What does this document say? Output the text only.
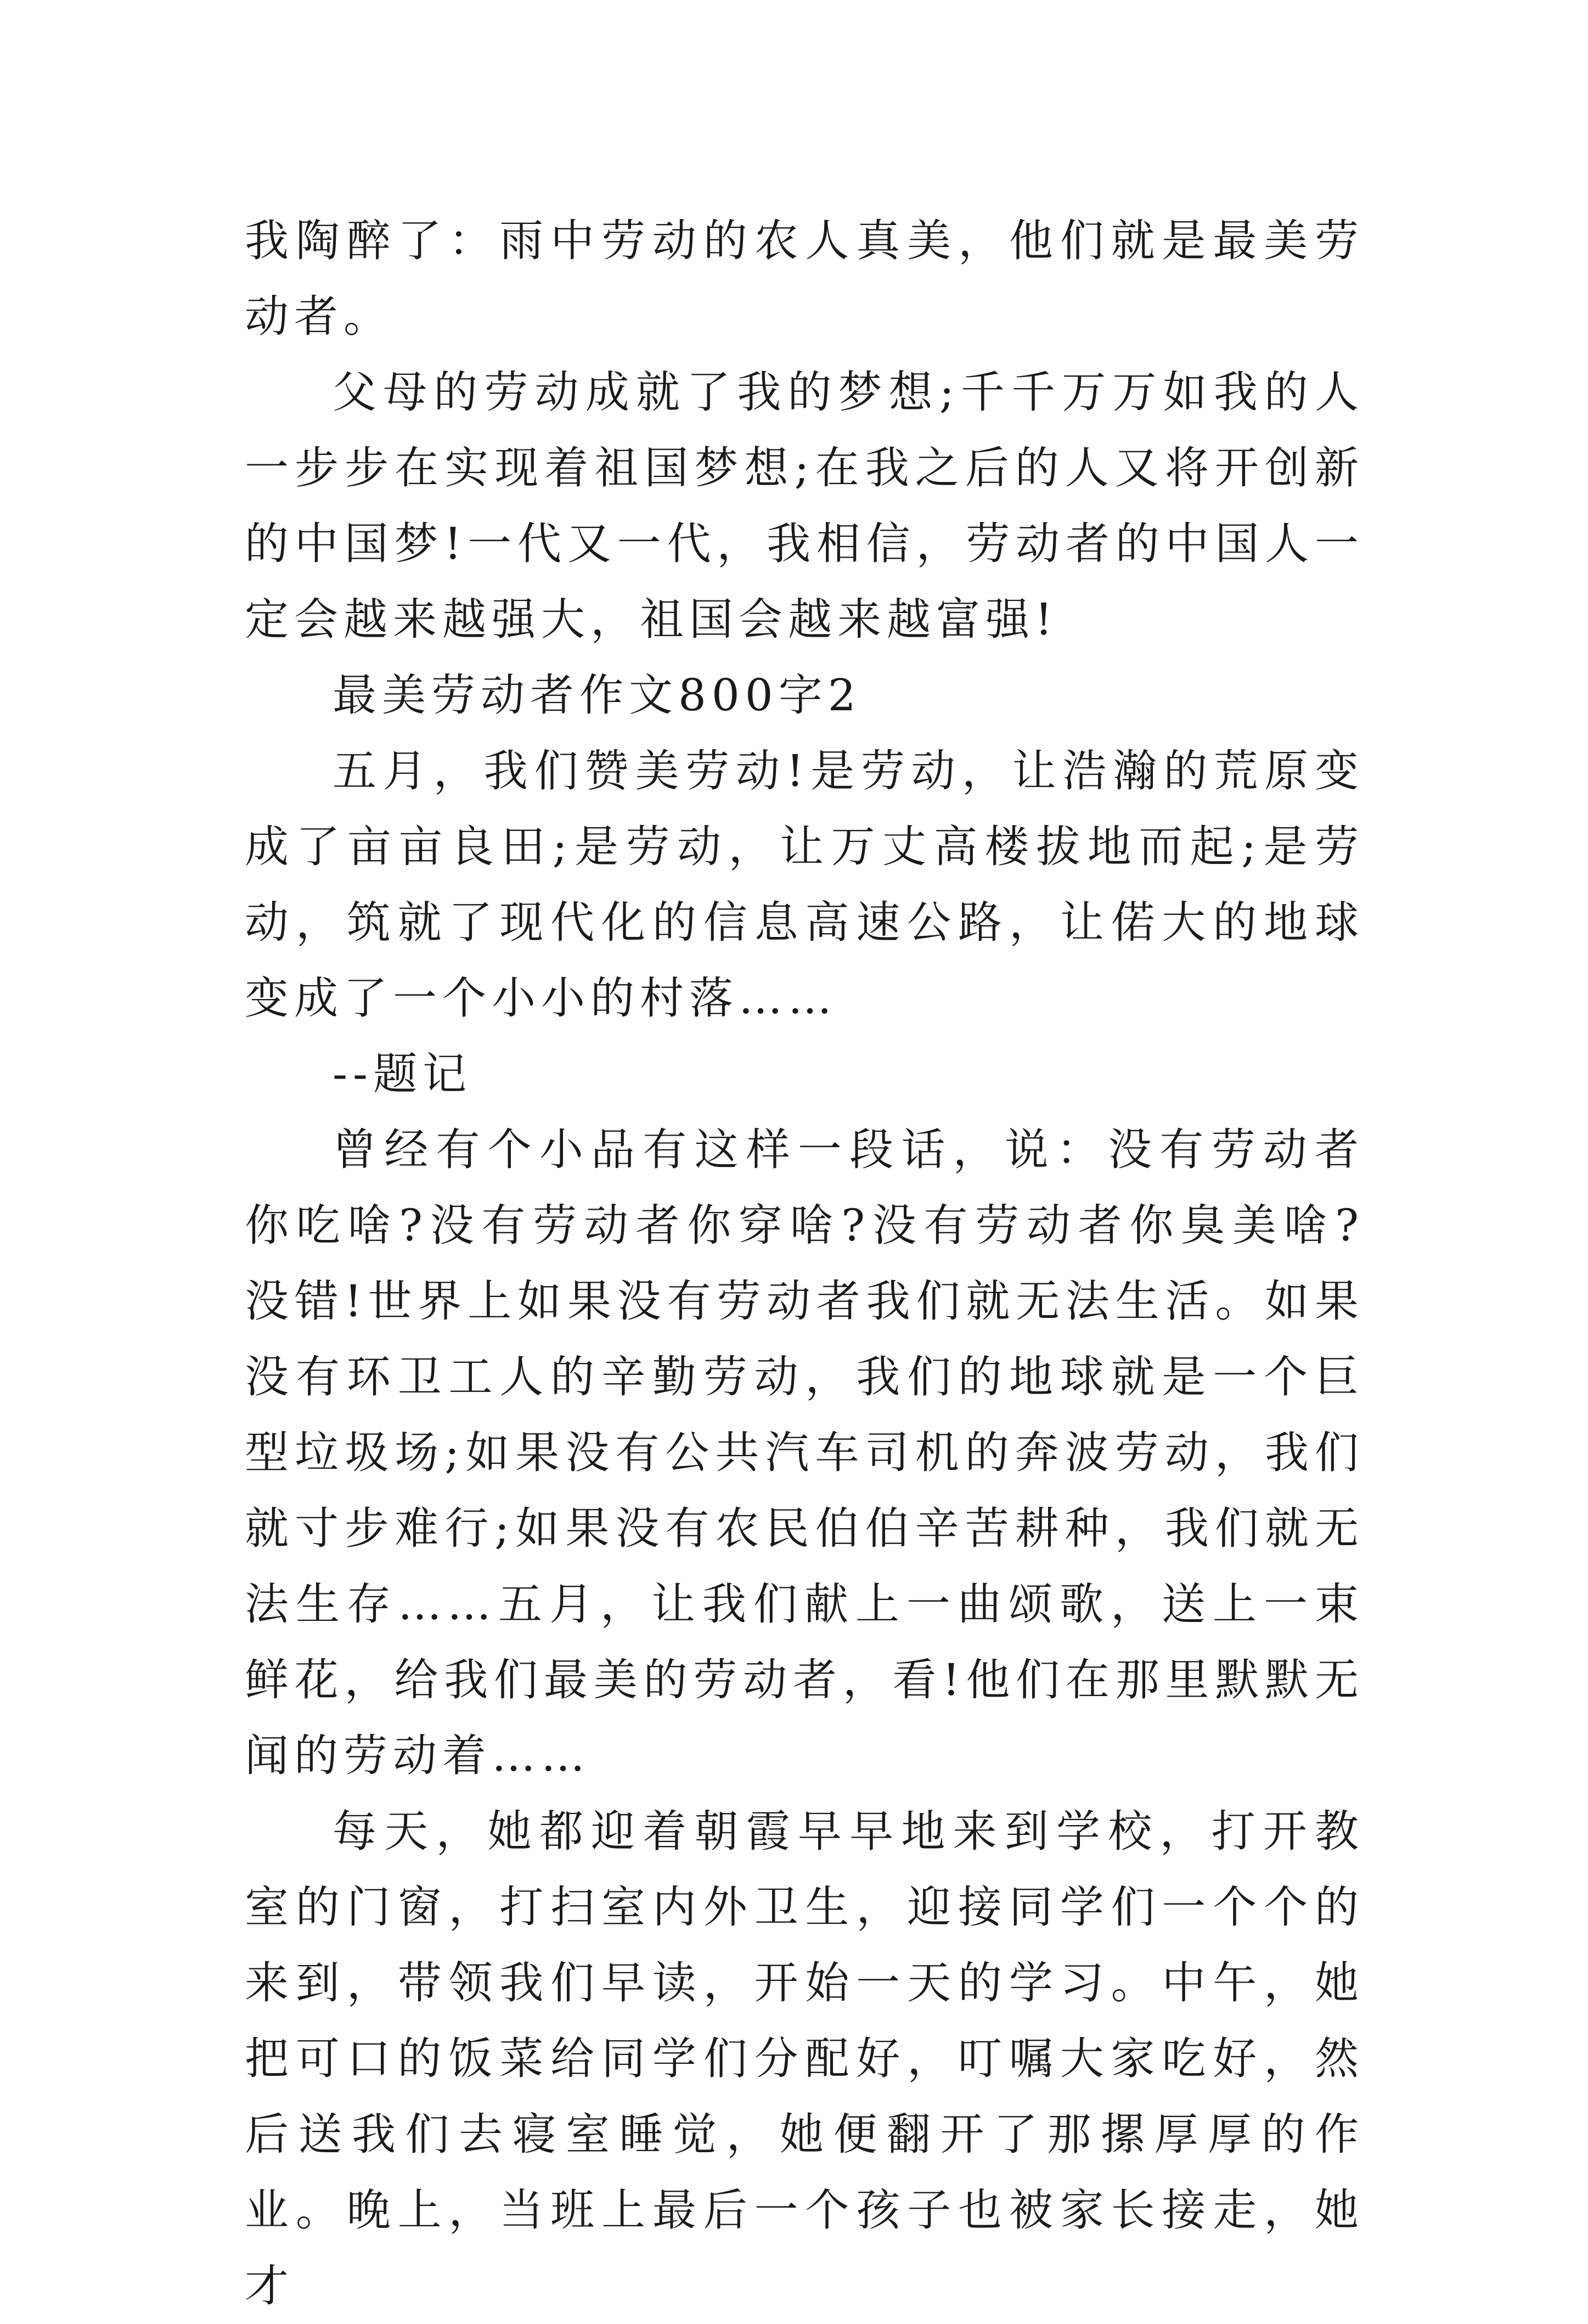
我陶醉了：雨中劳动的农人真美，他们就是最美劳动者。

父母的劳动成就了我的梦想;千千万万如我的人一步步在实现着祖国梦想;在我之后的人又将开创新的中国梦!一代又一代，我相信，劳动者的中国人一定会越来越强大，祖国会越来越富强!

最美劳动者作文800字2

五月，我们赞美劳动!是劳动，让浩瀚的荒原变成了亩亩良田;是劳动，让万丈高楼拔地而起;是劳动，筑就了现代化的信息高速公路，让偌大的地球变成了一个小小的村落……

--题记

曾经有个小品有这样一段话，说：没有劳动者你吃啥?没有劳动者你穿啥?没有劳动者你臭美啥?没错!世界上如果没有劳动者我们就无法生活。如果没有环卫工人的辛勤劳动，我们的地球就是一个巨型垃圾场;如果没有公共汽车司机的奔波劳动，我们就寸步难行;如果没有农民伯伯辛苦耕种，我们就无法生存……五月，让我们献上一曲颂歌，送上一束鲜花，给我们最美的劳动者，看!他们在那里默默无闻的劳动着……

每天，她都迎着朝霞早早地来到学校，打开教室的门窗，打扫室内外卫生，迎接同学们一个个的来到，带领我们早读，开始一天的学习。中午，她把可口的饭菜给同学们分配好，叮嘱大家吃好，然后送我们去寝室睡觉，她便翻开了那摞厚厚的作业。晚上，当班上最后一个孩子也被家长接走，她才
